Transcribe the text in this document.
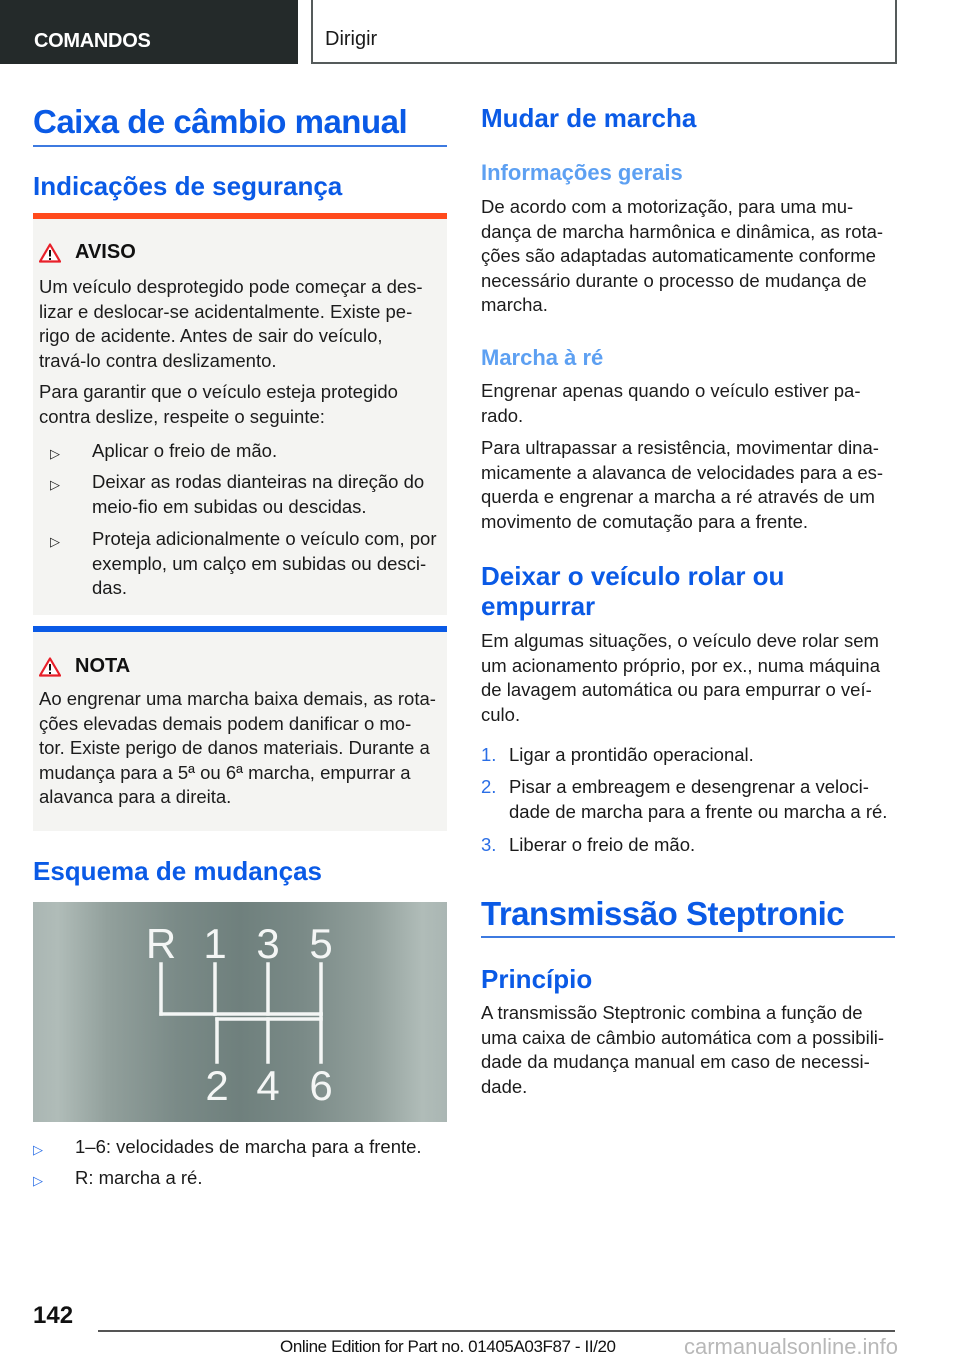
COMANDOS	Dirigir
Caixa de câmbio manual
Indicações de segurança
AVISO

Um veículo desprotegido pode começar a des-
lizar e deslocar-se acidentalmente. Existe pe-
rigo de acidente. Antes de sair do veículo,
travá-lo contra deslizamento.

Para garantir que o veículo esteja protegido
contra deslize, respeite o seguinte:

▷ Aplicar o freio de mão.
▷ Deixar as rodas dianteiras na direção do
meio-fio em subidas ou descidas.
▷ Proteja adicionalmente o veículo com, por
exemplo, um calço em subidas ou desci-
das.
NOTA

Ao engrenar uma marcha baixa demais, as rota-
ções elevadas demais podem danificar o mo-
tor. Existe perigo de danos materiais. Durante a
mudança para a 5ª ou 6ª marcha, empurrar a
alavanca para a direita.

Esquema de mudanças
R 1 3 5
2 4 6
▷ 1–6: velocidades de marcha para a frente.
▷ R: marcha a ré.
Mudar de marcha
Informações gerais

De acordo com a motorização, para uma mu-
dança de marcha harmônica e dinâmica, as rota-
ções são adaptadas automaticamente conforme
necessário durante o processo de mudança de
marcha.

Marcha à ré

Engrenar apenas quando o veículo estiver pa-
rado.

Para ultrapassar a resistência, movimentar dina-
micamente a alavanca de velocidades para a es-
querda e engrenar a marcha a ré através de um
movimento de comutação para a frente.

Deixar o veículo rolar ou
empurrar

Em algumas situações, o veículo deve rolar sem
um acionamento próprio, por ex., numa máquina
de lavagem automática ou para empurrar o veí-
culo.

1. Ligar a prontidão operacional.
2. Pisar a embreagem e desengrenar a veloci-
dade de marcha para a frente ou marcha a ré.
3. Liberar o freio de mão.
Transmissão Steptronic
Princípio

A transmissão Steptronic combina a função de
uma caixa de câmbio automática com a possibili-
dade da mudança manual em caso de necessi-
dade.

142
Online Edition for Part no. 01405A03F87 - II/20	carmanualsonline.info
